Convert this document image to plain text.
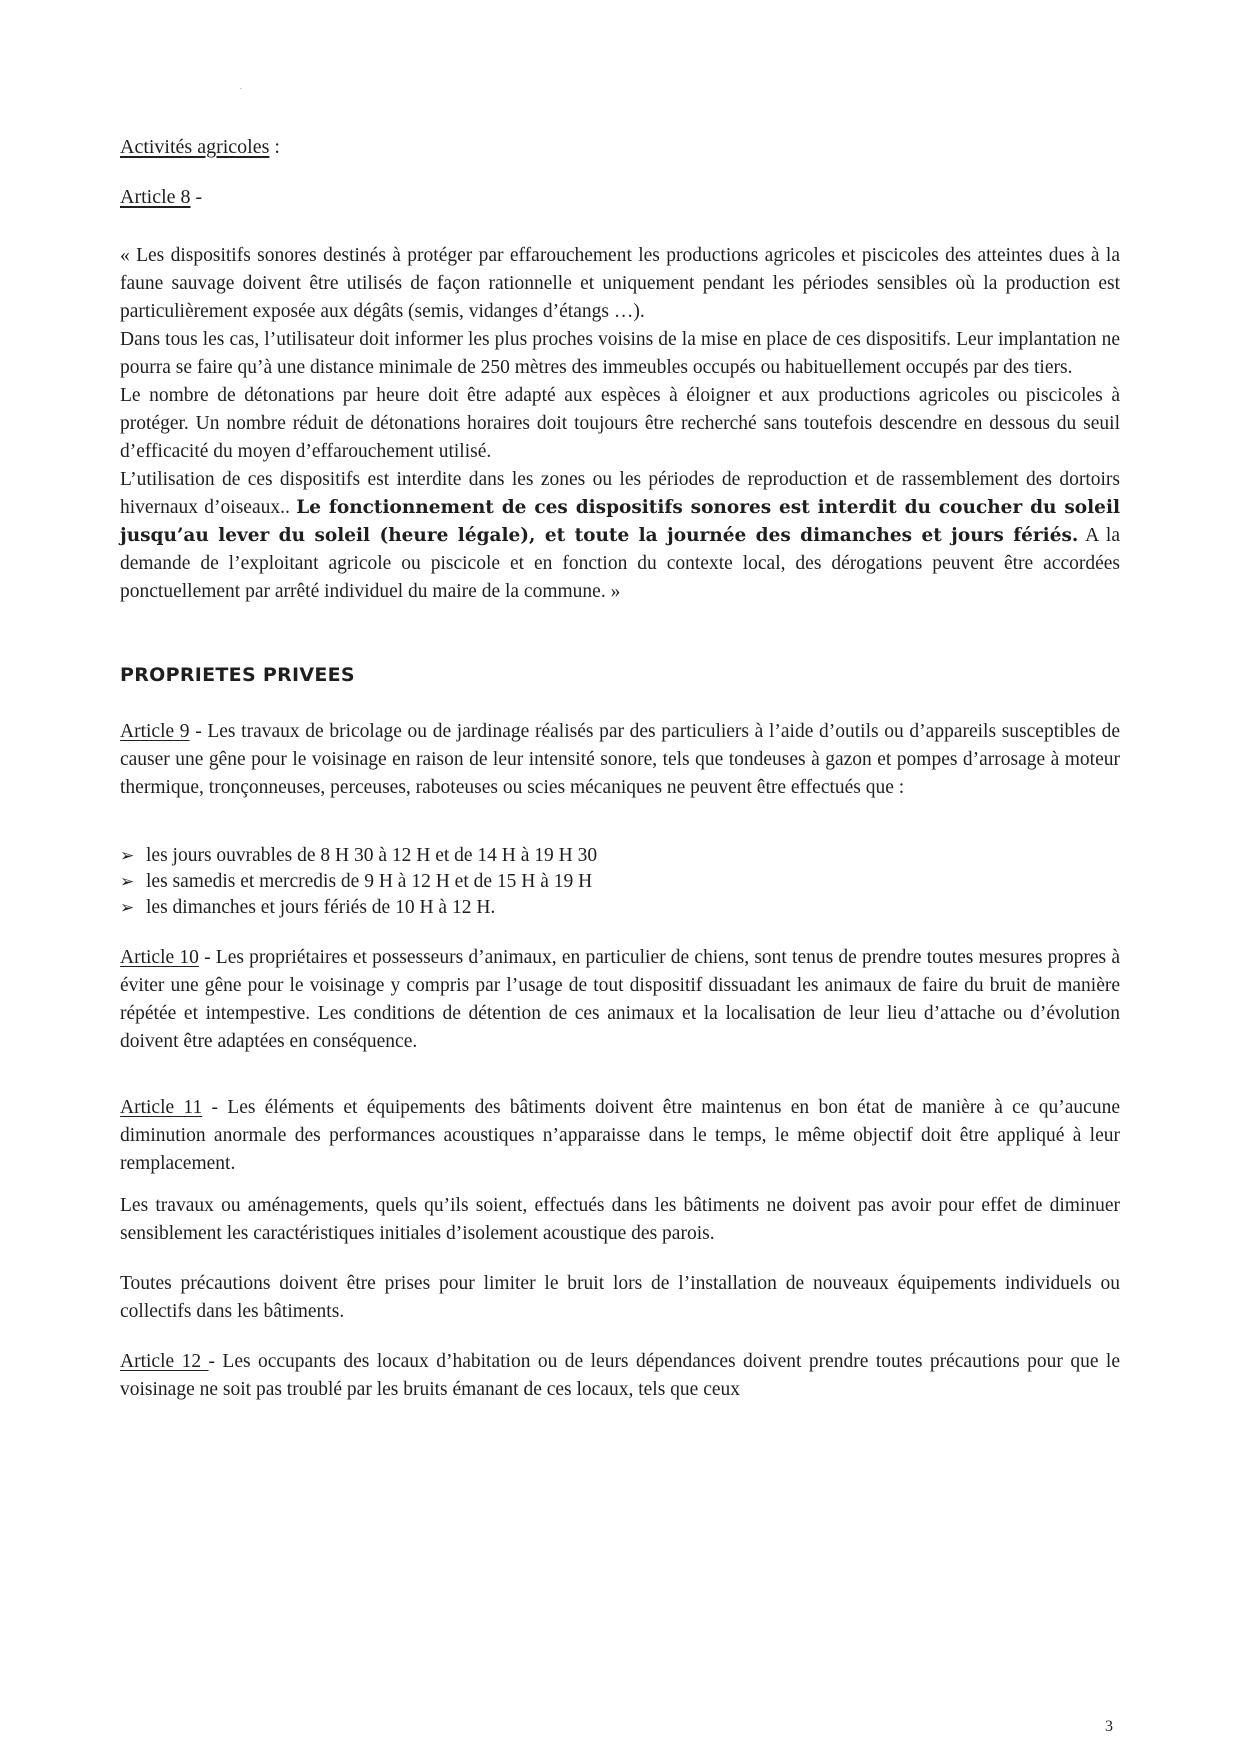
Activités agricoles :
Article 8 -
« Les dispositifs sonores destinés à protéger par effarouchement les productions agricoles et piscicoles des atteintes dues à la faune sauvage doivent être utilisés de façon rationnelle et uniquement pendant les périodes sensibles où la production est particulièrement exposée aux dégâts (semis, vidanges d’étangs …).
Dans tous les cas, l’utilisateur doit informer les plus proches voisins de la mise en place de ces dispositifs. Leur implantation ne pourra se faire qu’à une distance minimale de 250 mètres des immeubles occupés ou habituellement occupés par des tiers.
Le nombre de détonations par heure doit être adapté aux espèces à éloigner et aux productions agricoles ou piscicoles à protéger. Un nombre réduit de détonations horaires doit toujours être recherché sans toutefois descendre en dessous du seuil d’efficacité du moyen d’effarouchement utilisé.
L’utilisation de ces dispositifs est interdite dans les zones ou les périodes de reproduction et de rassemblement des dortoirs hivernaux d’oiseaux.. Le fonctionnement de ces dispositifs sonores est interdit du coucher du soleil jusqu’au lever du soleil (heure légale), et toute la journée des dimanches et jours fériés. A la demande de l’exploitant agricole ou piscicole et en fonction du contexte local, des dérogations peuvent être accordées ponctuellement par arrêté individuel du maire de la commune. »
PROPRIETES PRIVEES
Article 9 - Les travaux de bricolage ou de jardinage réalisés par des particuliers à l’aide d’outils ou d’appareils susceptibles de causer une gêne pour le voisinage en raison de leur intensité sonore, tels que tondeuses à gazon et pompes d’arrosage à moteur thermique, tronçonneuses, perceuses, raboteuses ou scies mécaniques ne peuvent être effectués que :
➢ les jours ouvrables de 8 H 30 à 12 H et de 14 H à 19 H 30
➢ les samedis et mercredis de 9 H à 12 H et de 15 H à 19 H
➢ les dimanches et jours fériés de 10 H à 12 H.
Article 10 - Les propriétaires et possesseurs d’animaux, en particulier de chiens, sont tenus de prendre toutes mesures propres à éviter une gêne pour le voisinage y compris par l’usage de tout dispositif dissuadant les animaux de faire du bruit de manière répétée et intempestive. Les conditions de détention de ces animaux et la localisation de leur lieu d’attache ou d’évolution doivent être adaptées en conséquence.
Article 11 - Les éléments et équipements des bâtiments doivent être maintenus en bon état de manière à ce qu’aucune diminution anormale des performances acoustiques n’apparaisse dans le temps, le même objectif doit être appliqué à leur remplacement.
Les travaux ou aménagements, quels qu’ils soient, effectués dans les bâtiments ne doivent pas avoir pour effet de diminuer sensiblement les caractéristiques initiales d’isolement acoustique des parois.
Toutes précautions doivent être prises pour limiter le bruit lors de l’installation de nouveaux équipements individuels ou collectifs dans les bâtiments.
Article 12 - Les occupants des locaux d’habitation ou de leurs dépendances doivent prendre toutes précautions pour que le voisinage ne soit pas troublé par les bruits émanant de ces locaux, tels que ceux
3
